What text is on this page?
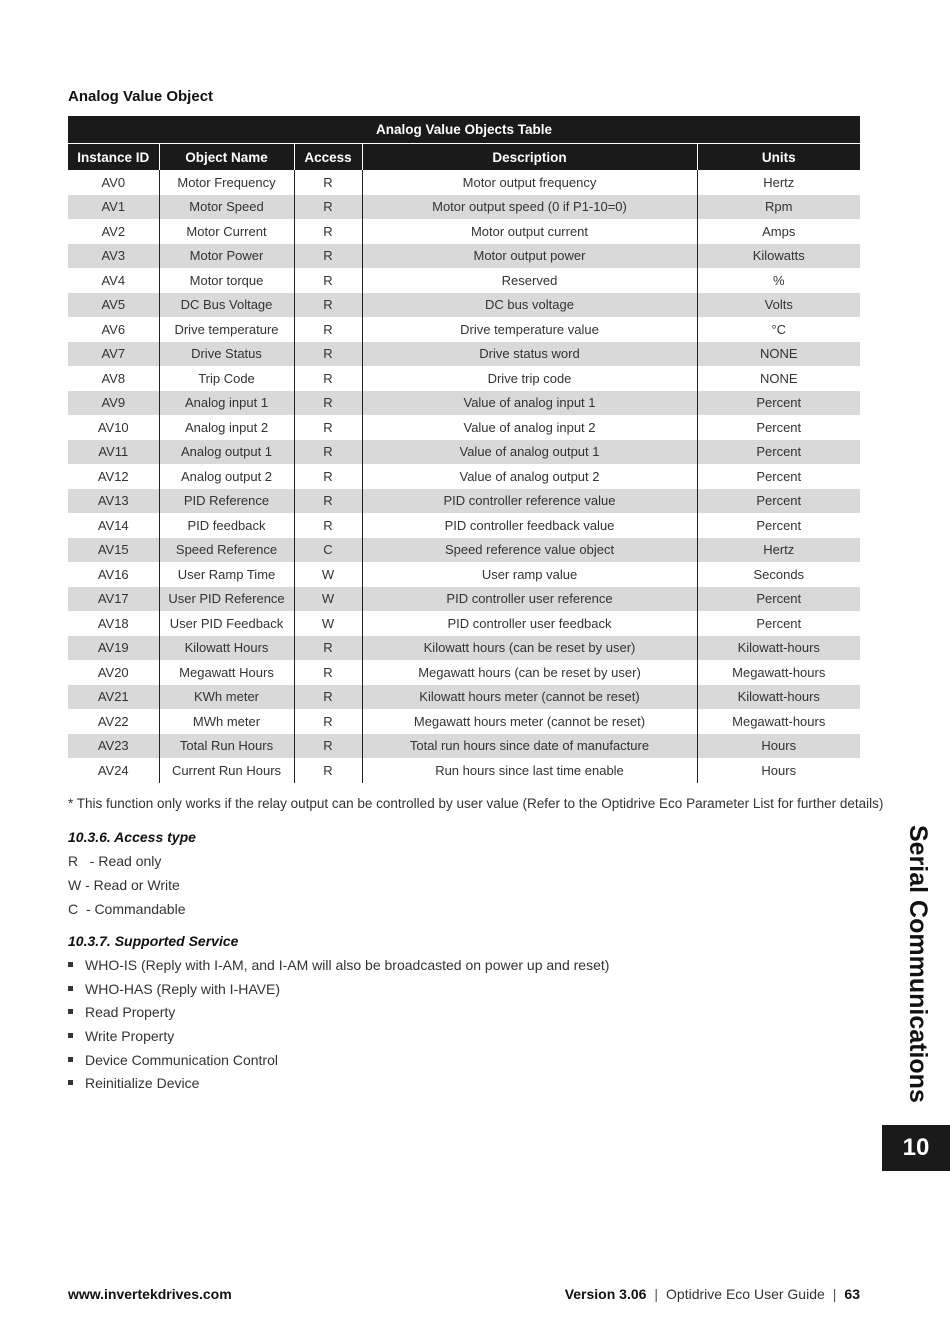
Analog Value Object
Analog Value Objects Table				
Instance ID	Object Name	Access	Description	Units
AV0	Motor Frequency	R	Motor output frequency	Hertz
AV1	Motor Speed	R	Motor output speed (0 if P1-10=0)	Rpm
AV2	Motor Current	R	Motor output current	Amps
AV3	Motor Power	R	Motor output power	Kilowatts
AV4	Motor torque	R	Reserved	%
AV5	DC Bus Voltage	R	DC bus voltage	Volts
AV6	Drive temperature	R	Drive temperature value	°C
AV7	Drive Status	R	Drive status word	NONE
AV8	Trip Code	R	Drive trip code	NONE
AV9	Analog input 1	R	Value of analog input 1	Percent
AV10	Analog input 2	R	Value of analog input 2	Percent
AV11	Analog output 1	R	Value of analog output 1	Percent
AV12	Analog output 2	R	Value of analog output 2	Percent
AV13	PID Reference	R	PID controller reference value	Percent
AV14	PID feedback	R	PID controller feedback value	Percent
AV15	Speed Reference	C	Speed reference value object	Hertz
AV16	User Ramp Time	W	User ramp value	Seconds
AV17	User PID Reference	W	PID controller user reference	Percent
AV18	User PID Feedback	W	PID controller user feedback	Percent
AV19	Kilowatt Hours	R	Kilowatt hours (can be reset by user)	Kilowatt-hours
AV20	Megawatt Hours	R	Megawatt hours (can be reset by user)	Megawatt-hours
AV21	KWh meter	R	Kilowatt hours meter (cannot be reset)	Kilowatt-hours
AV22	MWh meter	R	Megawatt hours meter (cannot be reset)	Megawatt-hours
AV23	Total Run Hours	R	Total run hours since date of manufacture	Hours
AV24	Current Run Hours	R	Run hours since last time enable	Hours
* This function only works if the relay output can be controlled by user value (Refer to the Optidrive Eco Parameter List for further details)
10.3.6. Access type
R   - Read only
W - Read or Write
C  - Commandable
10.3.7. Supported Service
WHO-IS (Reply with I-AM, and I-AM will also be broadcasted on power up and reset)
WHO-HAS (Reply with I-HAVE)
Read Property
Write Property
Device Communication Control
Reinitialize Device	Serial Communications
10
www.invertekdrives.com	Version 3.06 | Optidrive Eco User Guide | 63
